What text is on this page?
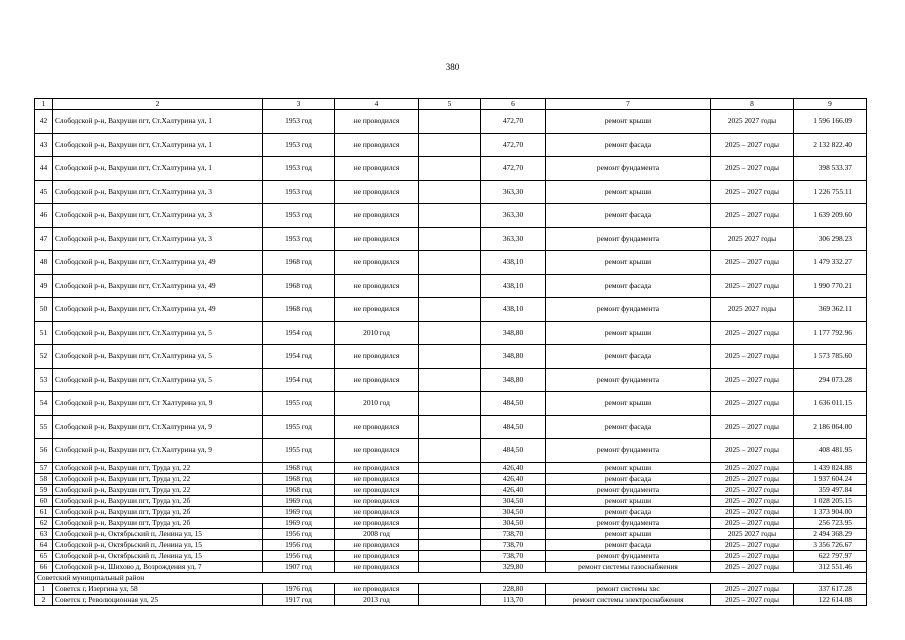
380
1	2	3	4	5	6	7	8	9
42	Слободской р-н, Вахруши пгт, Ст.Халтурина ул, 1	1953 год	не проводился		472,70	ремонт крыши	2025 2027 годы	1 596 166.09
43	Слободской р-н, Вахруши пгт, Ст.Халтурина ул, 1	1953 год	не проводился		472,70	ремонт фасада	2025 – 2027 годы	2 132 822.40
44	Слободской р-н, Вахруши пгт, Ст.Халтурина ул, 1	1953 год	не проводился		472,70	ремонт фундамента	2025 – 2027 годы	398 533.37
45	Слободской р-н, Вахруши пгт, Ст.Халтурина ул, 3	1953 год	не проводился		363,30	ремонт крыши	2025 – 2027 годы	1 226 755.11
46	Слободской р-н, Вахруши пгт, Ст.Халтурина ул, 3	1953 год	не проводился		363,30	ремонт фасада	2025 – 2027 годы	1 639 209.60
47	Слободской р-н, Вахруши пгт, Ст.Халтурина ул, 3	1953 год	не проводился		363,30	ремонт фундамента	2025 2027 годы	306 298.23
48	Слободской р-н, Вахруши пгт, Ст.Халтурина ул, 49	1968 год	не проводился		438,10	ремонт крыши	2025 – 2027 годы	1 479 332.27
49	Слободской р-н, Вахруши пгт, Ст.Халтурина ул, 49	1968 год	не проводился		438,10	ремонт фасада	2025 – 2027 годы	1 990 770.21
50	Слободской р-н, Вахруши пгт, Ст.Халтурина ул, 49	1968 год	не проводился		438,10	ремонт фундамента	2025 2027 годы	369 362.11
51	Слободской р-н, Вахруши пгт, Ст.Халтурина ул, 5	1954 год	2010 год		348,80	ремонт крыши	2025 – 2027 годы	1 177 792.96
52	Слободской р-н, Вахруши пгт, Ст.Халтурина ул, 5	1954 год	не проводился		348,80	ремонт фасада	2025 – 2027 годы	1 573 785.60
53	Слободской р-н, Вахруши пгт, Ст.Халтурина ул, 5	1954 год	не проводился		348,80	ремонт фундамента	2025 – 2027 годы	294 073.28
54	Слободской р-н, Вахруши пгт, Ст Халтурина ул, 9	1955 год	2010 год		484,50	ремонт крыши	2025 – 2027 годы	1 636 011.15
55	Слободской р-н, Вахруши пгт, Ст.Халтурина ул, 9	1955 год	не проводился		484,50	ремонт фасада	2025 – 2027 годы	2 186 064.00
56	Слободской р-н, Вахруши пгт, Ст.Халтурина ул, 9	1955 год	не проводился		484,50	ремонт фундамента	2025 – 2027 годы	408 481.95
57	Слободской р-н, Вахруши пгт, Труда ул, 22	1968 год	не проводился		426,40	ремонт крыши	2025 – 2027 годы	1 439 824.88
58	Слободской р-н, Вахруши пгт, Труда ул, 22	1968 год	не проводился		426,40	ремонт фасада	2025 – 2027 годы	1 937 604.24
59	Слободской р-н, Вахруши пгт, Труда ул, 22	1968 год	не проводился		426,40	ремонт фундамента	2025 – 2027 годы	359 497.84
60	Слободской р-н, Вахруши пгт, Труда ул, 2б	1969 год	не проводился		304,50	ремонт крыши	2025 – 2027 годы	1 028 205.15
61	Слободской р-н, Вахруши пгт, Труда ул, 2б	1969 год	не проводился		304,50	ремонт фасада	2025 – 2027 годы	1 373 904.00
62	Слободской р-н, Вахруши пгт, Труда ул, 2б	1969 год	не проводился		304,50	ремонт фундамента	2025 – 2027 годы	256 723.95
63	Слободской р-н, Октябрьский п, Ленина ул, 15	1956 год	2008 год		738,70	ремонт крыши	2025 2027 годы	2 494 368.29
64	Слободской р-н, Октябрьский п, Ленина ул, 15	1956 год	не проводился		738,70	ремонт фасада	2025 – 2027 годы	3 356 726.67
65	Слободской р-н, Октябрьский п, Ленина ул, 15	1956 год	не проводился		738,70	ремонт фундамента	2025 – 2027 годы	622 797.97
66	Слободской р-н, Шихово д, Возрождения ул, 7	1907 год	не проводился		329,80	ремонт системы газоснабжения	2025 – 2027 годы	312 551.46
Советский муниципальный район								
1	Советск г, Изергина ул, 58	1976 год	не проводился		228,80	ремонт системы хвс	2025 – 2027 годы	337 617.28
2	Советск г, Революционная ул, 25	1917 год	2013 год		113,70	ремонт системы электроснабжения	2025 – 2027 годы	122 614.08
